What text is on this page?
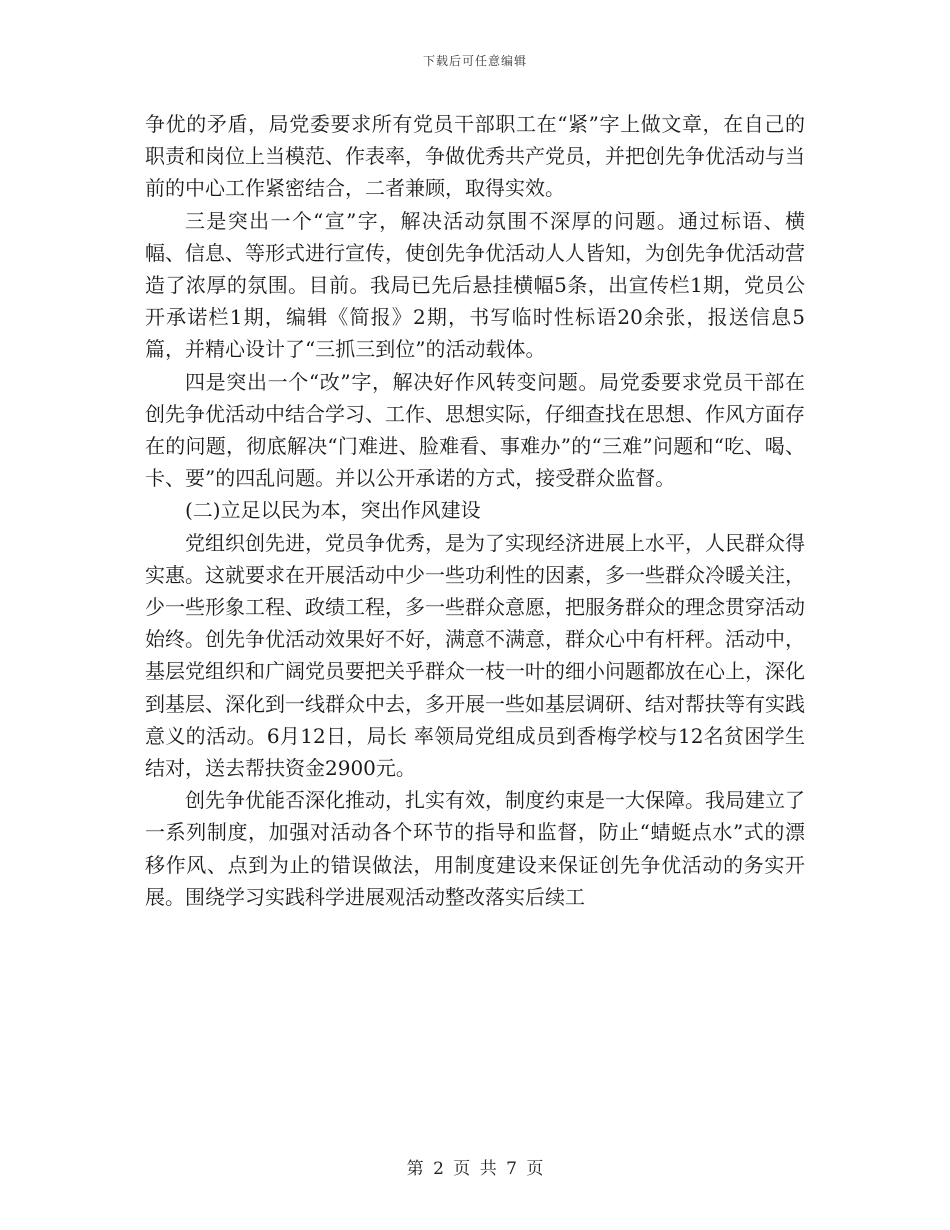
下载后可任意编辑

争优的矛盾，局党委要求所有党员干部职工在“紧”字上做文章，在自己的职责和岗位上当模范、作表率，争做优秀共产党员，并把创先争优活动与当前的中心工作紧密结合，二者兼顾，取得实效。

三是突出一个“宣”字，解决活动氛围不深厚的问题。通过标语、横幅、信息、等形式进行宣传，使创先争优活动人人皆知，为创先争优活动营造了浓厚的氛围。目前。我局已先后悬挂横幅5条，出宣传栏1期，党员公开承诺栏1期，编辑《简报》2期，书写临时性标语20余张，报送信息5篇，并精心设计了“三抓三到位”的活动载体。

四是突出一个“改”字，解决好作风转变问题。局党委要求党员干部在创先争优活动中结合学习、工作、思想实际，仔细查找在思想、作风方面存在的问题，彻底解决“门难进、脸难看、事难办”的“三难”问题和“吃、喝、卡、要”的四乱问题。并以公开承诺的方式，接受群众监督。

(二)立足以民为本，突出作风建设

党组织创先进，党员争优秀，是为了实现经济进展上水平，人民群众得实惠。这就要求在开展活动中少一些功利性的因素，多一些群众冷暖关注，少一些形象工程、政绩工程，多一些群众意愿，把服务群众的理念贯穿活动始终。创先争优活动效果好不好，满意不满意，群众心中有杆秤。活动中，基层党组织和广阔党员要把关乎群众一枝一叶的细小问题都放在心上，深化到基层、深化到一线群众中去，多开展一些如基层调研、结对帮扶等有实践意义的活动。6月12日，局长 率领局党组成员到香梅学校与12名贫困学生结对，送去帮扶资金2900元。

创先争优能否深化推动，扎实有效，制度约束是一大保障。我局建立了一系列制度，加强对活动各个环节的指导和监督，防止“蜻蜓点水”式的漂移作风、点到为止的错误做法，用制度建设来保证创先争优活动的务实开展。围绕学习实践科学进展观活动整改落实后续工

第 2 页 共 7 页
